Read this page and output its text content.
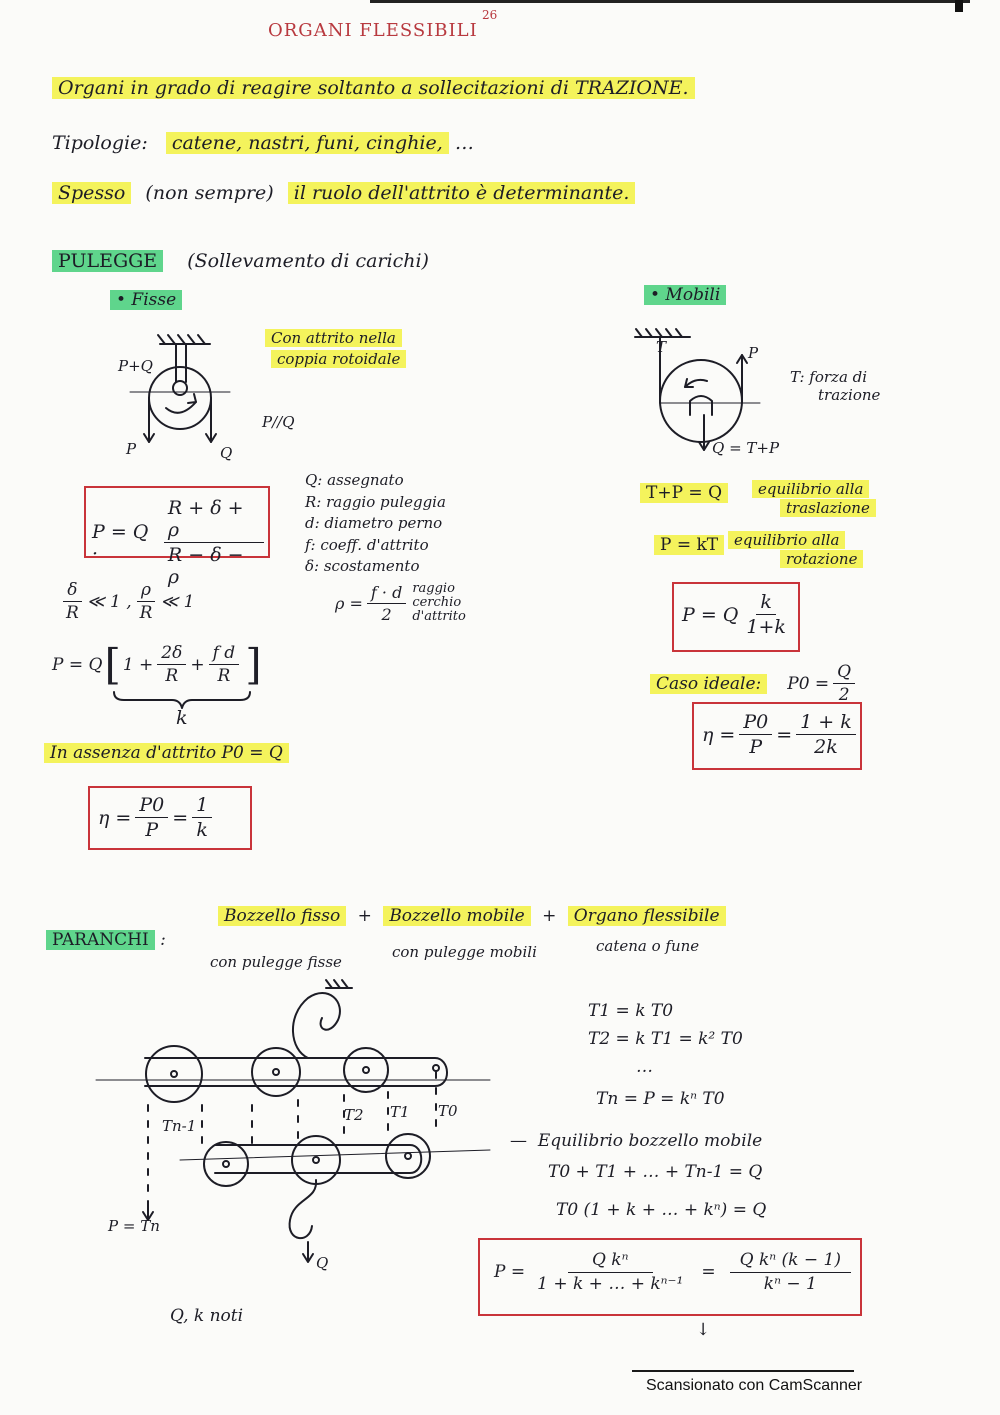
ORGANI FLESSIBILI
26
Organi in grado di reagire soltanto a sollecitazioni di TRAZIONE.
Tipologie: catene, nastri, funi, cinghie, …
Spesso (non sempre) il ruolo dell'attrito è determinante.
PULEGGE (Sollevamento di carichi)
• Fisse
Con attrito nella
coppia rotoidale
P+Q
P	Q
P//Q
P = Q ·	$\frac{R + \delta + \rho}{R - \delta - \rho}$
Q: assegnato
R: raggio puleggia
d: diametro perno
f: coeff. d'attrito
δ: scostamento
$\rho = \frac{f \cdot d}{2}$ raggio
cerchio
d'attrito
$\frac{\delta}{R}$ ≪ 1 , $\frac{\rho}{R}$ ≪ 1
P = Q [ $1 + \frac{2\delta}{R} + \frac{\text{f d}}{R}$ ]
k
In assenza d'attrito P0 = Q
$\eta = \frac{P0}{P} = \frac{1}{k}$
• Mobili
T	P
Q = T+P
T: forza di
trazione
T+P = Q	equilibrio alla
traslazione
P = kT	equilibrio alla
rotazione
P = Q $\frac{k}{1+k}$
Caso ideale:	$P0 = \frac{Q}{2}$
$\eta = \frac{P0}{P} = \frac{1 + k}{2k}$
PARANCHI :
Bozzello fisso + Bozzello mobile + Organo flessibile
con pulegge fisse
con pulegge mobili	catena o fune
Tn-1
T2 T1 T0
P = Tn
Q
T1 = k T0
T2 = k T1 = k² T0
…
Tn = P = kⁿ T0
—  Equilibrio bozzello mobile
T0 + T1 + … + Tn-1 = Q
T0 (1 + k + … + kⁿ) = Q
$P = \frac{\text{Q kⁿ}}{\text{1 + k + … + kⁿ⁻¹}} = \frac{\text{Q kⁿ (k − 1)}}{\text{kⁿ − 1}}$
↓
Q, k noti
Scansionato con CamScanner
